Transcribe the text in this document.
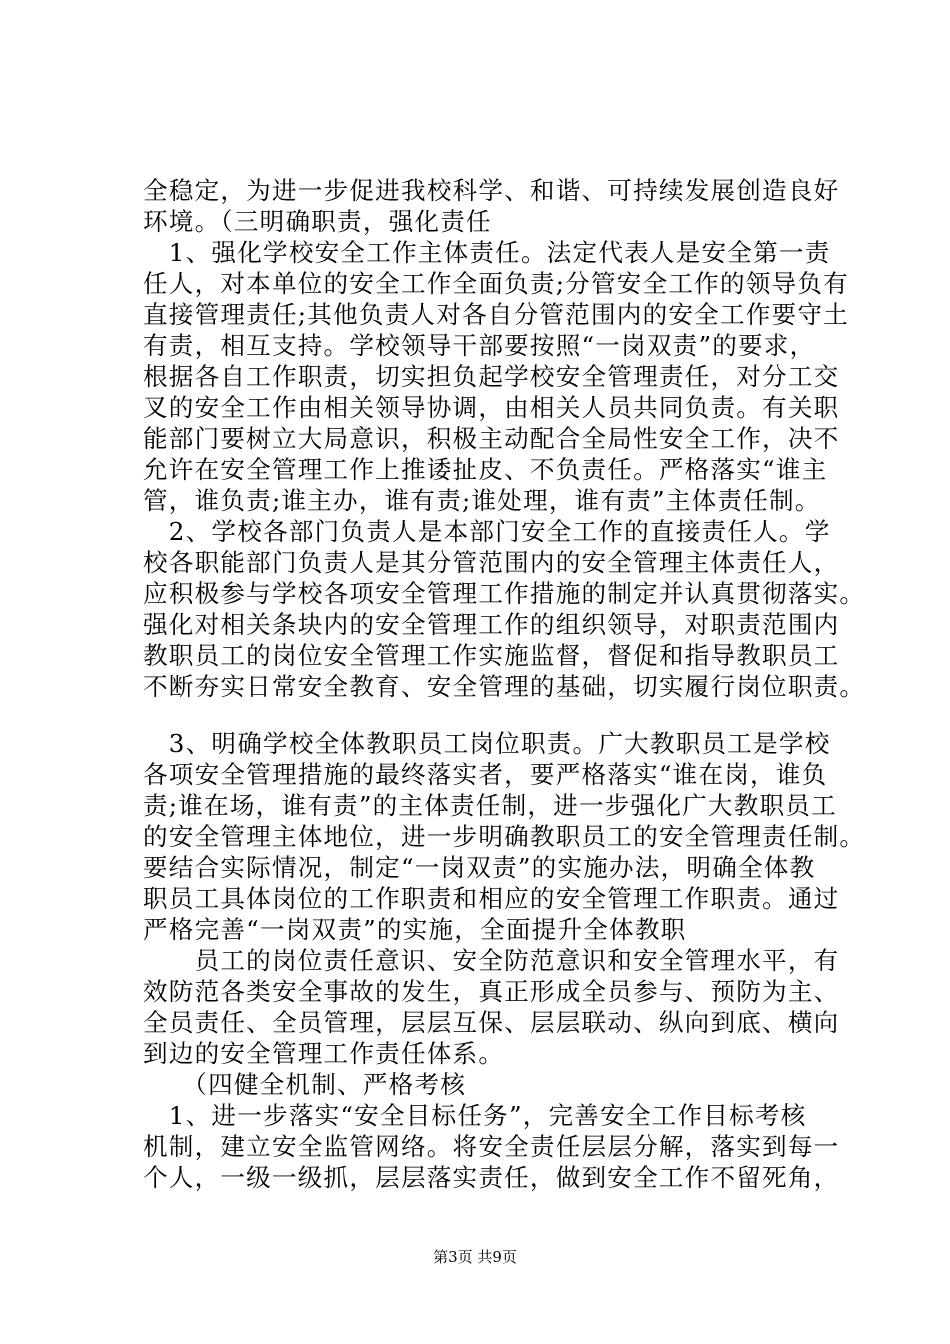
全稳定，为进一步促进我校科学、和谐、可持续发展创造良好
环境。（三明确职责，强化责任
　1、强化学校安全工作主体责任。法定代表人是安全第一责
任人，对本单位的安全工作全面负责;分管安全工作的领导负有
直接管理责任;其他负责人对各自分管范围内的安全工作要守土
有责，相互支持。学校领导干部要按照“一岗双责”的要求，
根据各自工作职责，切实担负起学校安全管理责任，对分工交
叉的安全工作由相关领导协调，由相关人员共同负责。有关职
能部门要树立大局意识，积极主动配合全局性安全工作，决不
允许在安全管理工作上推诿扯皮、不负责任。严格落实“谁主
管，谁负责;谁主办，谁有责;谁处理，谁有责”主体责任制。
　2、学校各部门负责人是本部门安全工作的直接责任人。学
校各职能部门负责人是其分管范围内的安全管理主体责任人，
应积极参与学校各项安全管理工作措施的制定并认真贯彻落实。
强化对相关条块内的安全管理工作的组织领导，对职责范围内
教职员工的岗位安全管理工作实施监督，督促和指导教职员工
不断夯实日常安全教育、安全管理的基础，切实履行岗位职责。
　3、明确学校全体教职员工岗位职责。广大教职员工是学校
各项安全管理措施的最终落实者，要严格落实“谁在岗，谁负
责;谁在场，谁有责”的主体责任制，进一步强化广大教职员工
的安全管理主体地位，进一步明确教职员工的安全管理责任制。
要结合实际情况，制定“一岗双责”的实施办法，明确全体教
职员工具体岗位的工作职责和相应的安全管理工作职责。通过
严格完善“一岗双责”的实施，全面提升全体教职
　　员工的岗位责任意识、安全防范意识和安全管理水平，有
效防范各类安全事故的发生，真正形成全员参与、预防为主、
全员责任、全员管理，层层互保、层层联动、纵向到底、横向
到边的安全管理工作责任体系。
　　（四健全机制、严格考核
　1、进一步落实“安全目标任务”，完善安全工作目标考核
机制，建立安全监管网络。将安全责任层层分解，落实到每一
个人，一级一级抓，层层落实责任，做到安全工作不留死角，
第3页 共9页
